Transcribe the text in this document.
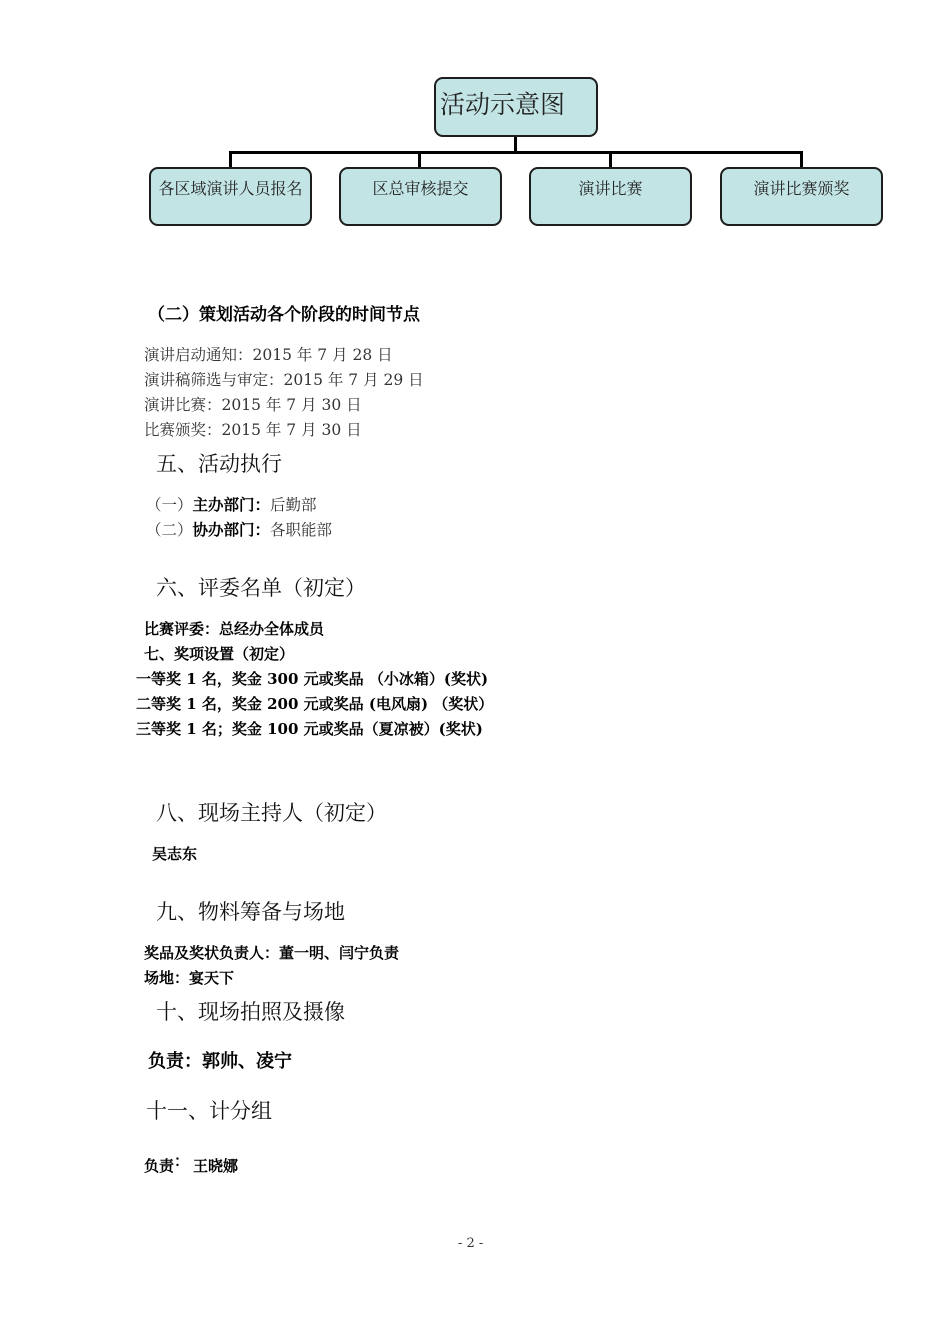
活动示意图
各区域演讲人员报名	区总审核提交	演讲比赛	演讲比赛颁奖
（二）策划活动各个阶段的时间节点
演讲启动通知：2015 年 7 月 28 日
演讲稿筛选与审定：2015 年 7 月 29 日
演讲比赛：2015 年 7 月 30 日
比赛颁奖：2015 年 7 月 30 日
五、活动执行
（一）主办部门：后勤部
（二）协办部门：各职能部
六、评委名单（初定）
比赛评委：总经办全体成员
七、奖项设置（初定）
一等奖 1 名，奖金 300 元或奖品 （小冰箱）(奖状)
二等奖 1 名，奖金 200 元或奖品 (电风扇) （奖状）
三等奖 1 名；奖金 100 元或奖品（夏凉被）(奖状)
八、现场主持人（初定）
吴志东
九、物料筹备与场地
奖品及奖状负责人：董一明、闫宁负责
场地：宴天下
十、现场拍照及摄像
负责：郭帅、凌宁
十一、计分组
负责： 王晓娜
- 2 -
